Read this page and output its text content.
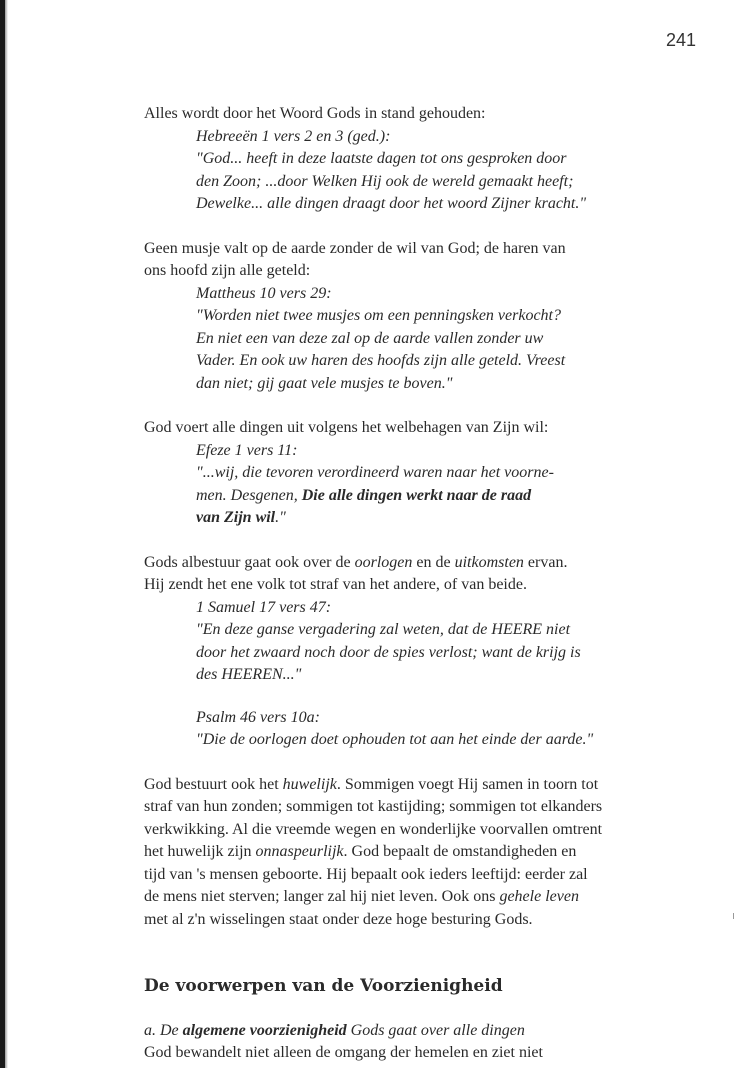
241

Alles wordt door het Woord Gods in stand gehouden:

Hebreeën 1 vers 2 en 3 (ged.):

"God... heeft in deze laatste dagen tot ons gesproken door

den Zoon; ...door Welken Hij ook de wereld gemaakt heeft;

Dewelke... alle dingen draagt door het woord Zijner kracht."

Geen musje valt op de aarde zonder de wil van God; de haren van

ons hoofd zijn alle geteld:

Mattheus 10 vers 29:

"Worden niet twee musjes om een penningsken verkocht?

En niet een van deze zal op de aarde vallen zonder uw

Vader. En ook uw haren des hoofds zijn alle geteld. Vreest

dan niet; gij gaat vele musjes te boven."

God voert alle dingen uit volgens het welbehagen van Zijn wil:

Efeze 1 vers 11:

"...wij, die tevoren verordineerd waren naar het voorne-

men. Desgenen, Die alle dingen werkt naar de raad

van Zijn wil."

Gods albestuur gaat ook over de oorlogen en de uitkomsten ervan.

Hij zendt het ene volk tot straf van het andere, of van beide.

1 Samuel 17 vers 47:

"En deze ganse vergadering zal weten, dat de HEERE niet

door het zwaard noch door de spies verlost; want de krijg is

des HEEREN..."

Psalm 46 vers 10a:

"Die de oorlogen doet ophouden tot aan het einde der aarde."

God bestuurt ook het huwelijk. Sommigen voegt Hij samen in toorn tot

straf van hun zonden; sommigen tot kastijding; sommigen tot elkanders

verkwikking. Al die vreemde wegen en wonderlijke voorvallen omtrent

het huwelijk zijn onnaspeurlijk. God bepaalt de omstandigheden en

tijd van 's mensen geboorte. Hij bepaalt ook ieders leeftijd: eerder zal

de mens niet sterven; langer zal hij niet leven. Ook ons gehele leven

met al z'n wisselingen staat onder deze hoge besturing Gods.

De voorwerpen van de Voorzienigheid

a. De algemene voorzienigheid Gods gaat over alle dingen

God bewandelt niet alleen de omgang der hemelen en ziet niet
